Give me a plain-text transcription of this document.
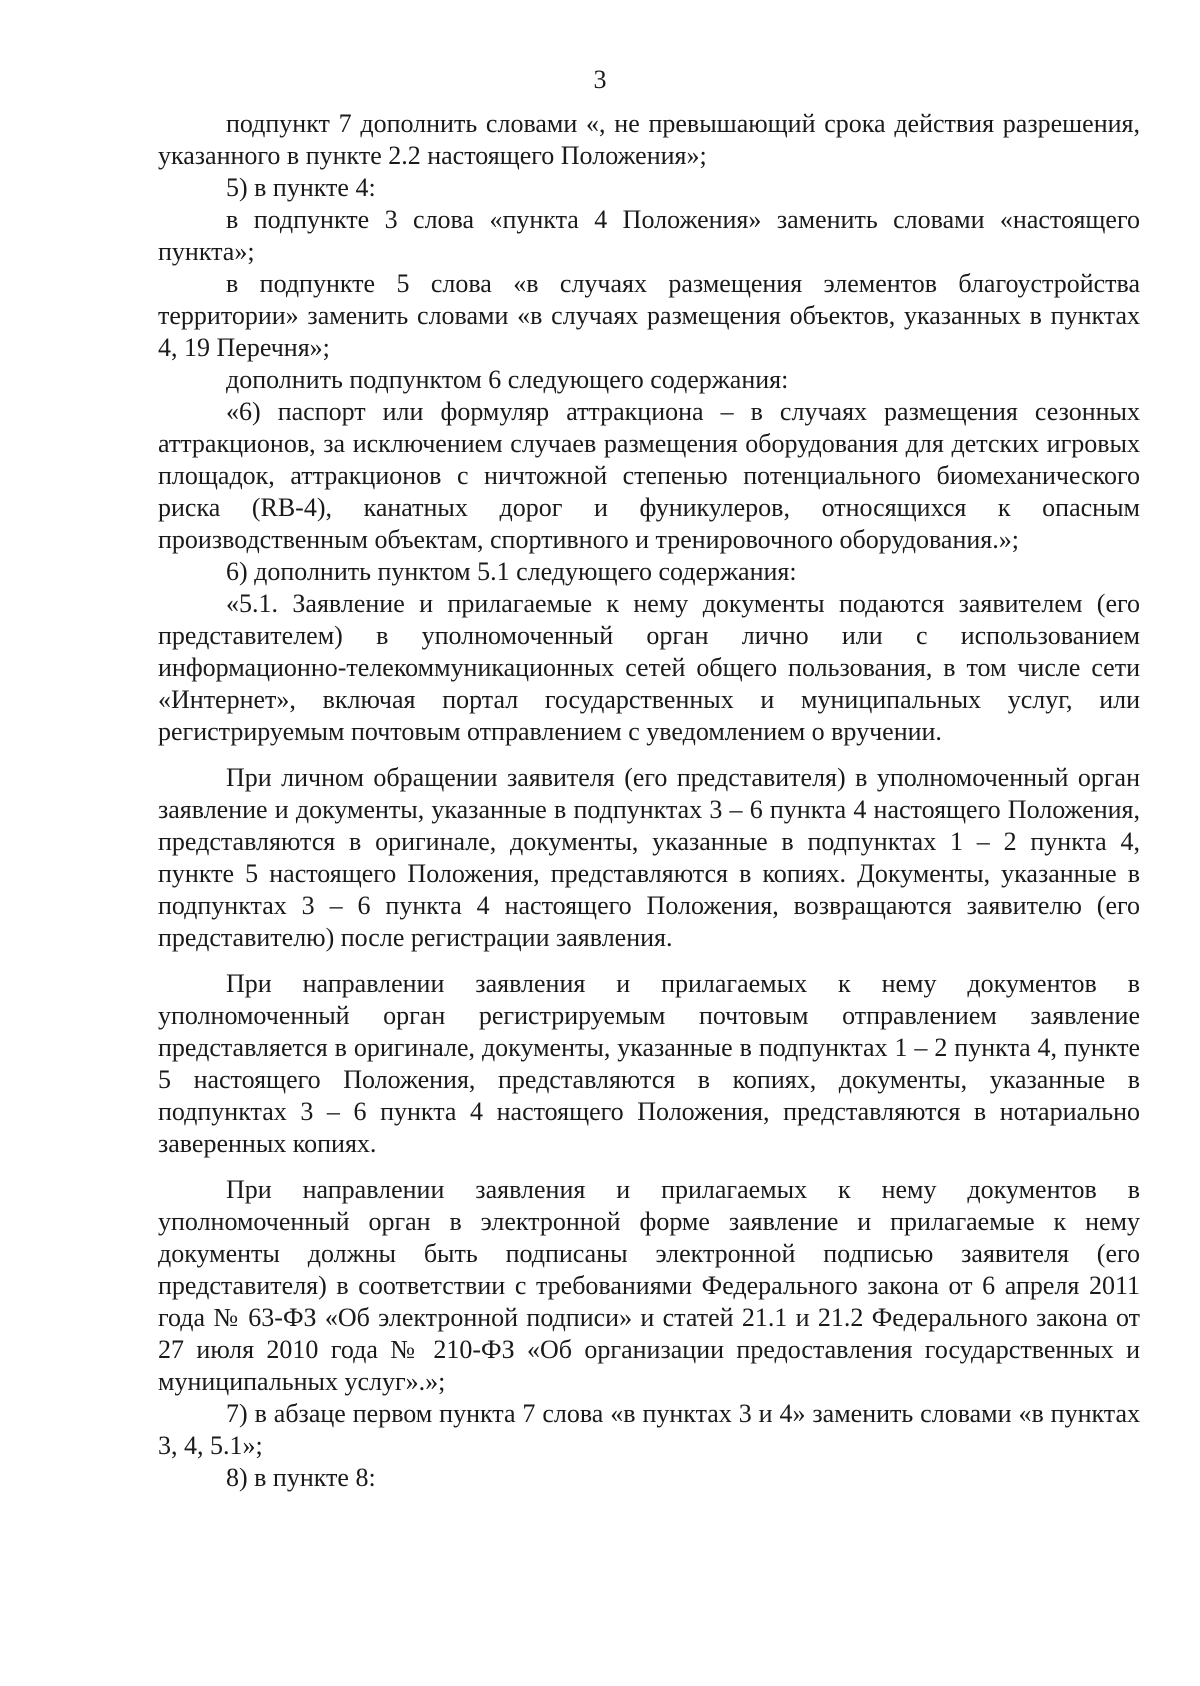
3

подпункт 7 дополнить словами «, не превышающий срока действия разрешения, указанного в пункте 2.2 настоящего Положения»;

5) в пункте 4:

в подпункте 3 слова «пункта 4 Положения» заменить словами «настоящего пункта»;

в подпункте 5 слова «в случаях размещения элементов благоустройства территории» заменить словами «в случаях размещения объектов, указанных в пунктах 4, 19 Перечня»;

дополнить подпунктом 6 следующего содержания:

«6) паспорт или формуляр аттракциона – в случаях размещения сезонных аттракционов, за исключением случаев размещения оборудования для детских игровых площадок, аттракционов с ничтожной степенью потенциального биомеханического риска (RB-4), канатных дорог и фуникулеров, относящихся к опасным производственным объектам, спортивного и тренировочного оборудования.»;

6) дополнить пунктом 5.1 следующего содержания:

«5.1. Заявление и прилагаемые к нему документы подаются заявителем (его представителем) в уполномоченный орган лично или с использованием информационно-телекоммуникационных сетей общего пользования, в том числе сети «Интернет», включая портал государственных и муниципальных услуг, или регистрируемым почтовым отправлением с уведомлением о вручении.

При личном обращении заявителя (его представителя) в уполномоченный орган заявление и документы, указанные в подпунктах 3 – 6 пункта 4 настоящего Положения, представляются в оригинале, документы, указанные в подпунктах 1 – 2 пункта 4, пункте 5 настоящего Положения, представляются в копиях. Документы, указанные в подпунктах 3 – 6 пункта 4 настоящего Положения, возвращаются заявителю (его представителю) после регистрации заявления.

При направлении заявления и прилагаемых к нему документов в уполномоченный орган регистрируемым почтовым отправлением заявление представляется в оригинале, документы, указанные в подпунктах 1 – 2 пункта 4, пункте 5 настоящего Положения, представляются в копиях, документы, указанные в подпунктах 3 – 6 пункта 4 настоящего Положения, представляются в нотариально заверенных копиях.

При направлении заявления и прилагаемых к нему документов в уполномоченный орган в электронной форме заявление и прилагаемые к нему документы должны быть подписаны электронной подписью заявителя (его представителя) в соответствии с требованиями Федерального закона от 6 апреля 2011 года № 63-ФЗ «Об электронной подписи» и статей 21.1 и 21.2 Федерального закона от 27 июля 2010 года № 210-ФЗ «Об организации предоставления государственных и муниципальных услуг».»;

7) в абзаце первом пункта 7 слова «в пунктах 3 и 4» заменить словами «в пунктах 3, 4, 5.1»;

8) в пункте 8:
